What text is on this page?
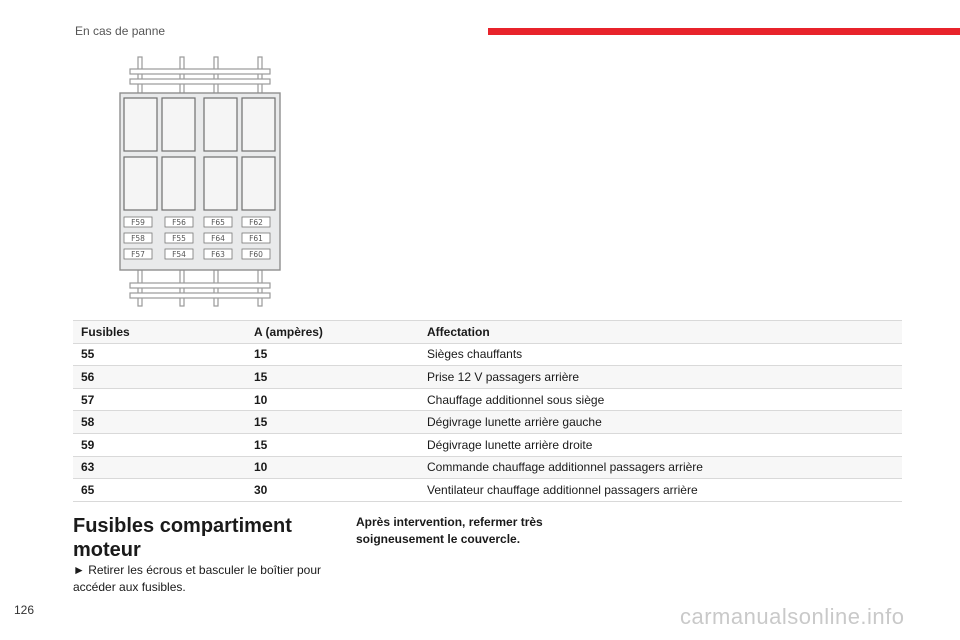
En cas de panne
F59	F56	F65	F62
F58	F55	F64	F61
F57	F54	F63	F60
Fusibles	A (ampères)	Affectation
55	15	Sièges chauffants
56	15	Prise 12 V passagers arrière
57	10	Chauffage additionnel sous siège
58	15	Dégivrage lunette arrière gauche
59	15	Dégivrage lunette arrière droite
63	10	Commande chauffage additionnel passagers arrière
65	30	Ventilateur chauffage additionnel passagers arrière
Fusibles compartiment moteur
► Retirer les écrous et basculer le boîtier pour accéder aux fusibles.
Après intervention, refermer très soigneusement le couvercle.
126	carmanualsonline.info
